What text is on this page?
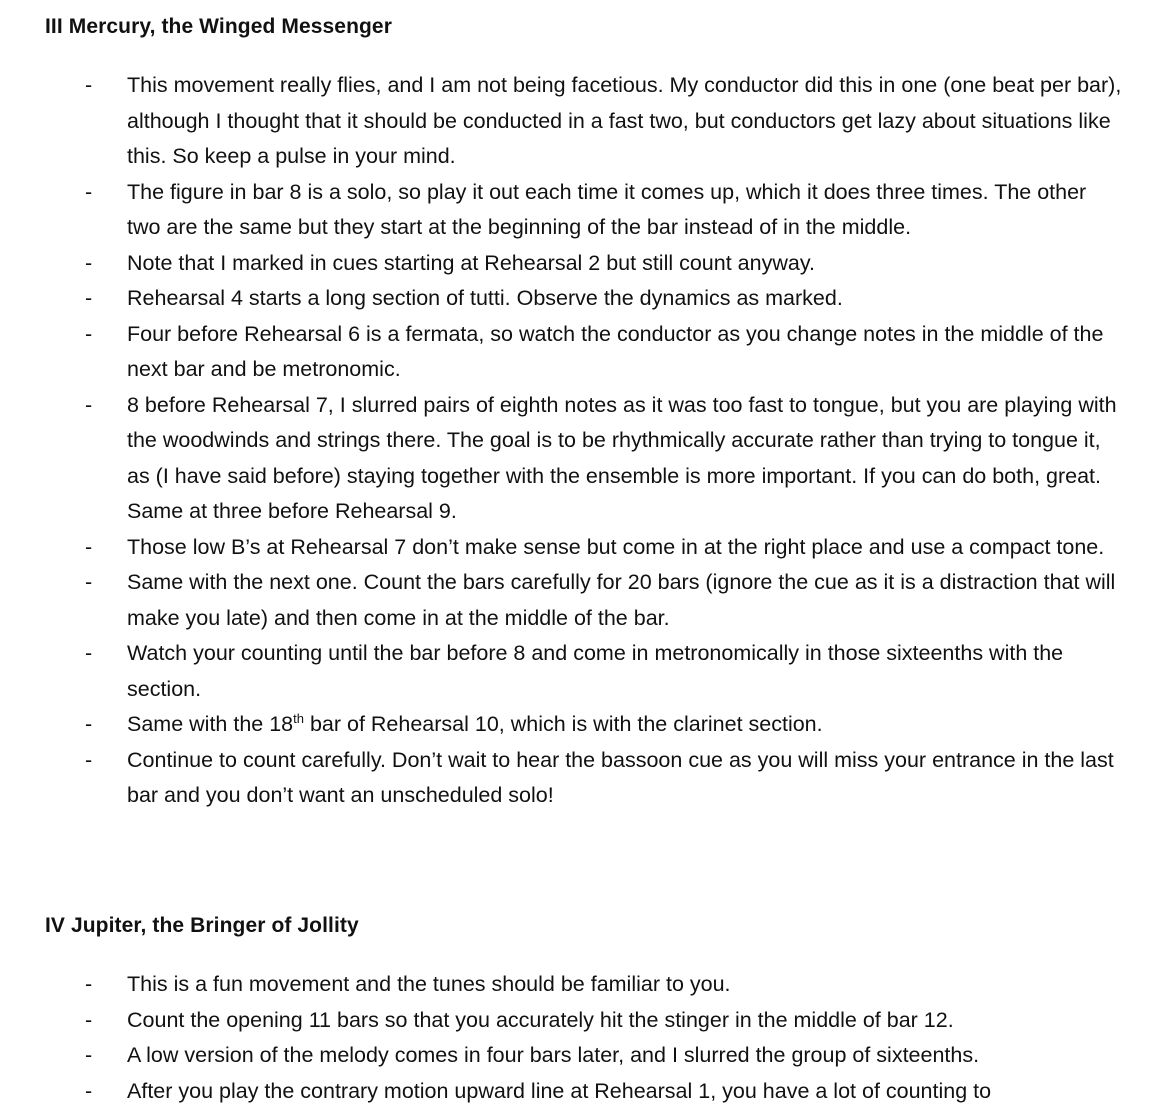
III Mercury, the Winged Messenger
-	This movement really flies, and I am not being facetious. My conductor did this in one (one beat per bar), although I thought that it should be conducted in a fast two, but conductors get lazy about situations like this. So keep a pulse in your mind.
-	The figure in bar 8 is a solo, so play it out each time it comes up, which it does three times. The other two are the same but they start at the beginning of the bar instead of in the middle.
-	Note that I marked in cues starting at Rehearsal 2 but still count anyway.
-	Rehearsal 4 starts a long section of tutti. Observe the dynamics as marked.
-	Four before Rehearsal 6 is a fermata, so watch the conductor as you change notes in the middle of the next bar and be metronomic.
-	8 before Rehearsal 7, I slurred pairs of eighth notes as it was too fast to tongue, but you are playing with the woodwinds and strings there. The goal is to be rhythmically accurate rather than trying to tongue it, as (I have said before) staying together with the ensemble is more important. If you can do both, great. Same at three before Rehearsal 9.
-	Those low B’s at Rehearsal 7 don’t make sense but come in at the right place and use a compact tone.
-	Same with the next one. Count the bars carefully for 20 bars (ignore the cue as it is a distraction that will make you late) and then come in at the middle of the bar.
-	Watch your counting until the bar before 8 and come in metronomically in those sixteenths with the section.
-	Same with the 18th bar of Rehearsal 10, which is with the clarinet section.
-	Continue to count carefully. Don’t wait to hear the bassoon cue as you will miss your entrance in the last bar and you don’t want an unscheduled solo!
IV Jupiter, the Bringer of Jollity
-	This is a fun movement and the tunes should be familiar to you.
-	Count the opening 11 bars so that you accurately hit the stinger in the middle of bar 12.
-	A low version of the melody comes in four bars later, and I slurred the group of sixteenths.
-	After you play the contrary motion upward line at Rehearsal 1, you have a lot of counting to
